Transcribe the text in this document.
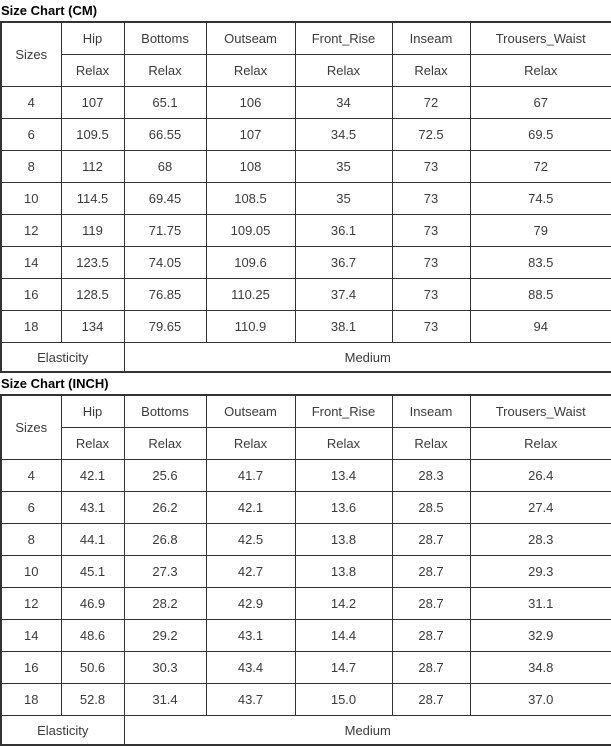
Size Chart (CM)
Sizes	Hip	Bottoms	Outseam	Front_Rise	Inseam	Trousers_Waist
	Relax	Relax	Relax	Relax	Relax	Relax
4	107	65.1	106	34	72	67
6	109.5	66.55	107	34.5	72.5	69.5
8	112	68	108	35	73	72
10	114.5	69.45	108.5	35	73	74.5
12	119	71.75	109.05	36.1	73	79
14	123.5	74.05	109.6	36.7	73	83.5
16	128.5	76.85	110.25	37.4	73	88.5
18	134	79.65	110.9	38.1	73	94
Elasticity		Medium				
Size Chart (INCH)
Sizes	Hip	Bottoms	Outseam	Front_Rise	Inseam	Trousers_Waist
	Relax	Relax	Relax	Relax	Relax	Relax
4	42.1	25.6	41.7	13.4	28.3	26.4
6	43.1	26.2	42.1	13.6	28.5	27.4
8	44.1	26.8	42.5	13.8	28.7	28.3
10	45.1	27.3	42.7	13.8	28.7	29.3
12	46.9	28.2	42.9	14.2	28.7	31.1
14	48.6	29.2	43.1	14.4	28.7	32.9
16	50.6	30.3	43.4	14.7	28.7	34.8
18	52.8	31.4	43.7	15.0	28.7	37.0
Elasticity		Medium				
